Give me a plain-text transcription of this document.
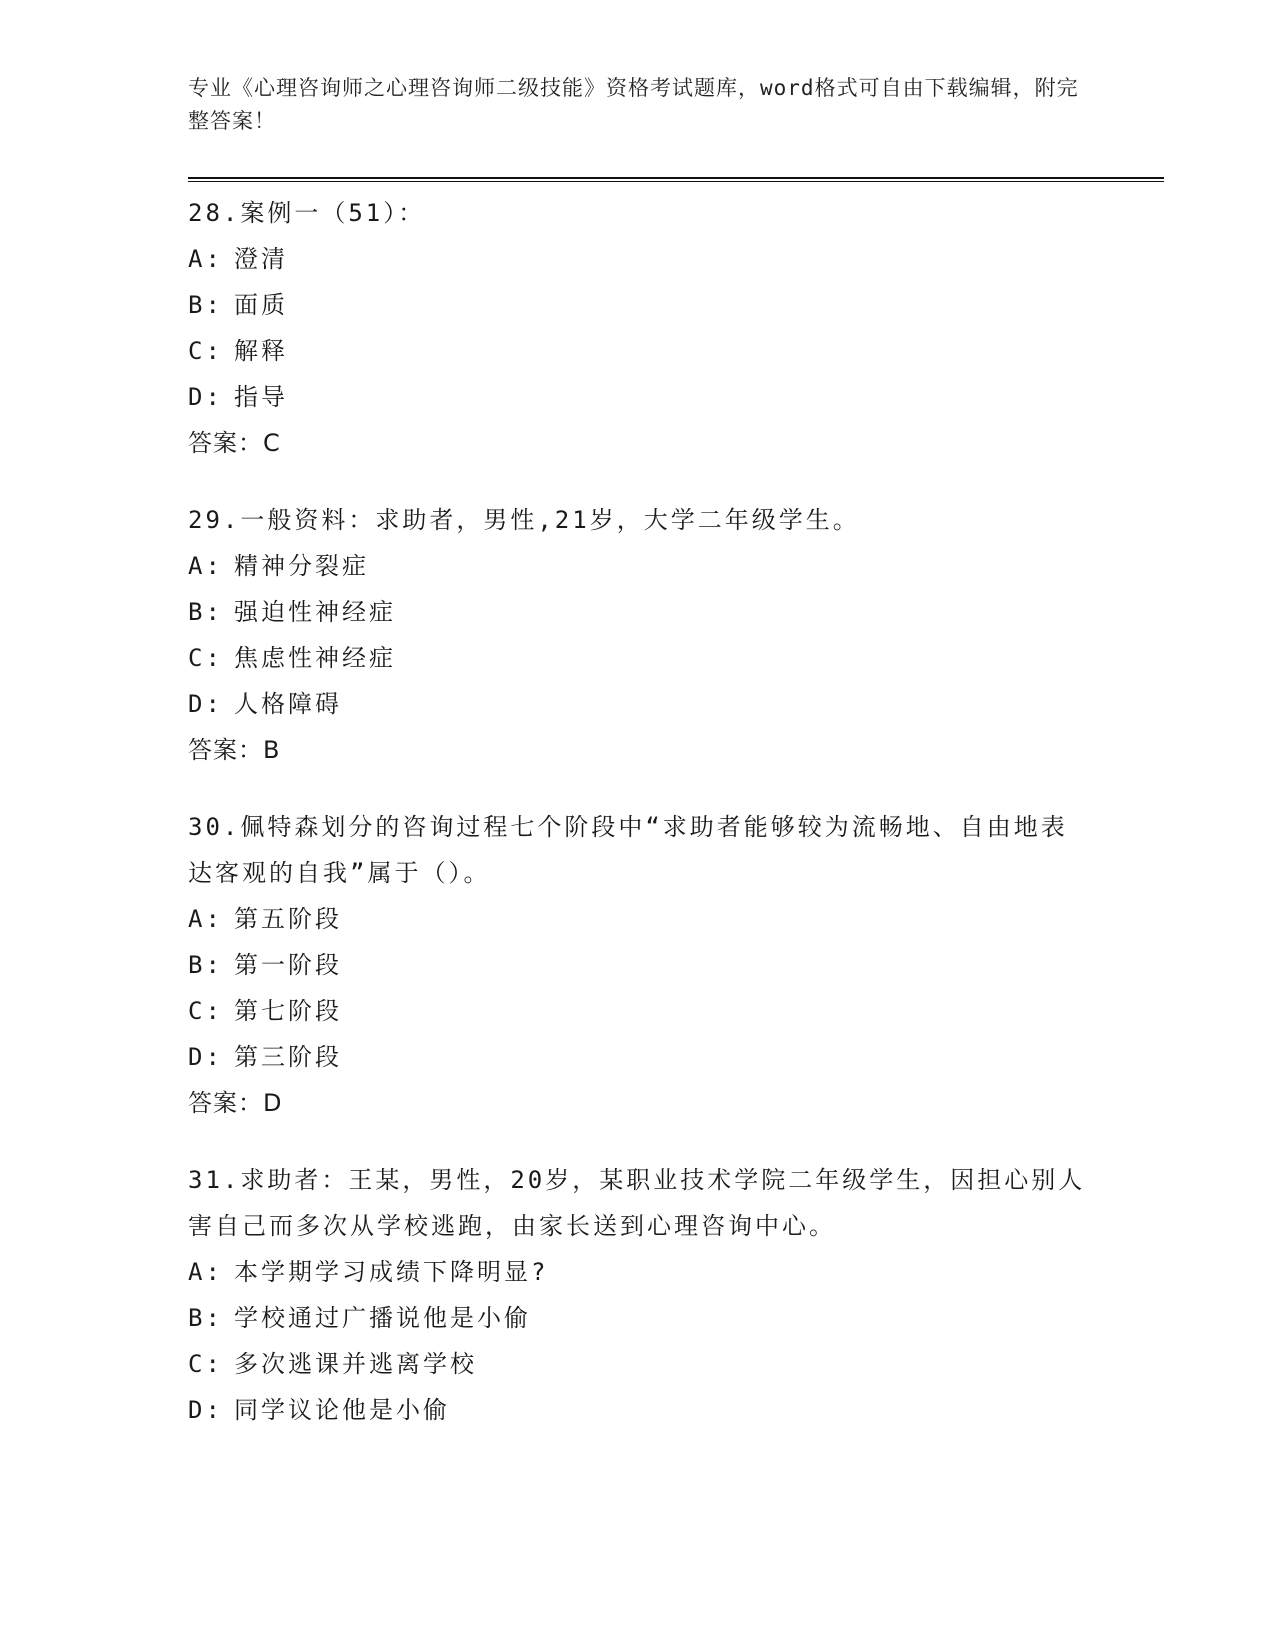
专业《心理咨询师之心理咨询师二级技能》资格考试题库，word格式可自由下载编辑，附完整答案！

28.案例一（51）：

A: 澄清

B: 面质

C: 解释

D: 指导

答案：C

29.一般资料：求助者，男性,21岁，大学二年级学生。

A: 精神分裂症

B: 强迫性神经症

C: 焦虑性神经症

D: 人格障碍

答案：B

30.佩特森划分的咨询过程七个阶段中“求助者能够较为流畅地、自由地表达客观的自我”属于（）。

A: 第五阶段

B: 第一阶段

C: 第七阶段

D: 第三阶段

答案：D

31.求助者：王某，男性，20岁，某职业技术学院二年级学生，因担心别人害自己而多次从学校逃跑，由家长送到心理咨询中心。

A: 本学期学习成绩下降明显?

B: 学校通过广播说他是小偷

C: 多次逃课并逃离学校

D: 同学议论他是小偷
